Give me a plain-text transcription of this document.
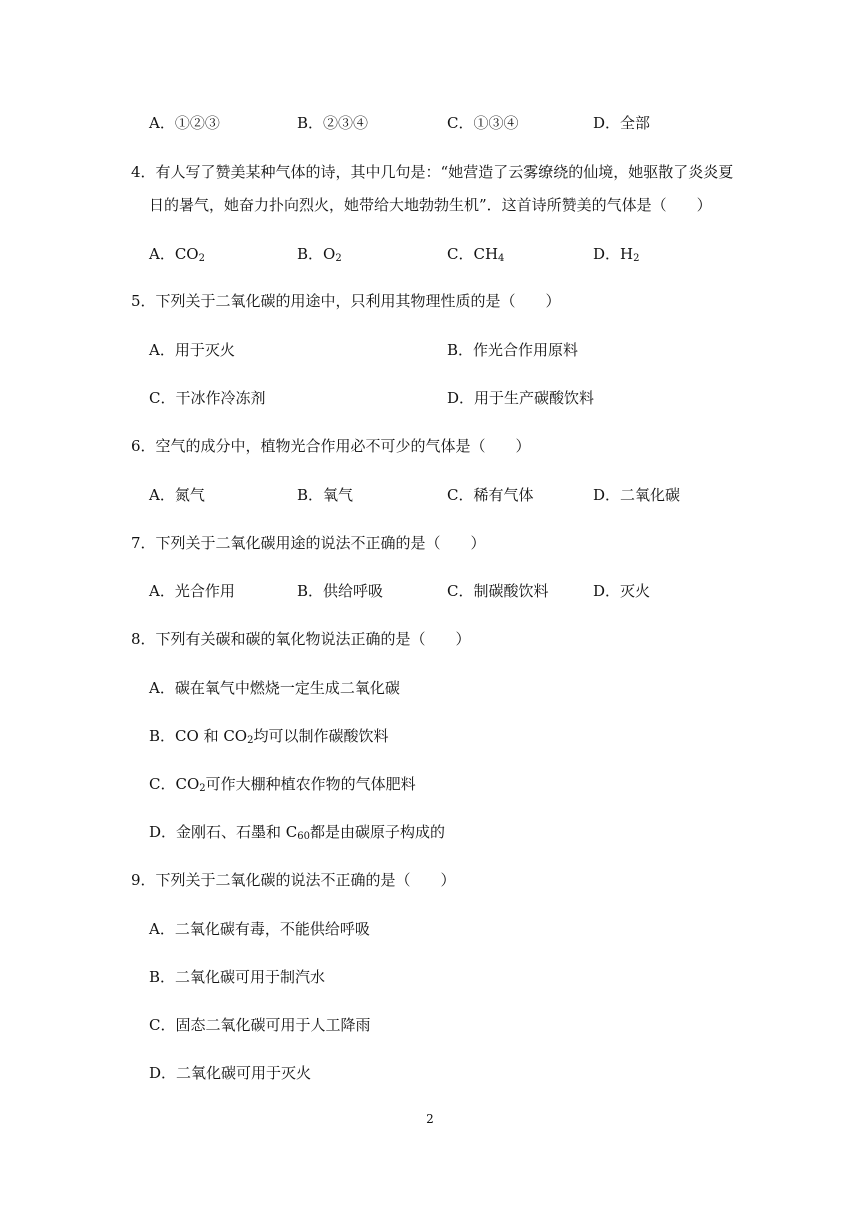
A．①②③	B．②③④	C．①③④	D．全部
4．有人写了赞美某种气体的诗，其中几句是：“她营造了云雾缭绕的仙境，她驱散了炎炎夏
日的暑气，她奋力扑向烈火，她带给大地勃勃生机”．这首诗所赞美的气体是（　　）
A．$CO_2$	B．$O_2$	C．$CH_4$	D．$H_2$
5．下列关于二氧化碳的用途中，只利用其物理性质的是（　　）
A．用于灭火	B．作光合作用原料
C．干冰作冷冻剂	D．用于生产碳酸饮料
6．空气的成分中，植物光合作用必不可少的气体是（　　）
A．氮气	B．氧气	C．稀有气体	D．二氧化碳
7．下列关于二氧化碳用途的说法不正确的是（　　）
A．光合作用	B．供给呼吸	C．制碳酸饮料	D．灭火
8．下列有关碳和碳的氧化物说法正确的是（　　）
A．碳在氧气中燃烧一定生成二氧化碳
B．CO 和 $CO_2$均可以制作碳酸饮料
C．$CO_2$可作大棚种植农作物的气体肥料
D．金刚石、石墨和 $C_{60}$都是由碳原子构成的
9．下列关于二氧化碳的说法不正确的是（　　）
A．二氧化碳有毒，不能供给呼吸
B．二氧化碳可用于制汽水
C．固态二氧化碳可用于人工降雨
D．二氧化碳可用于灭火
2
